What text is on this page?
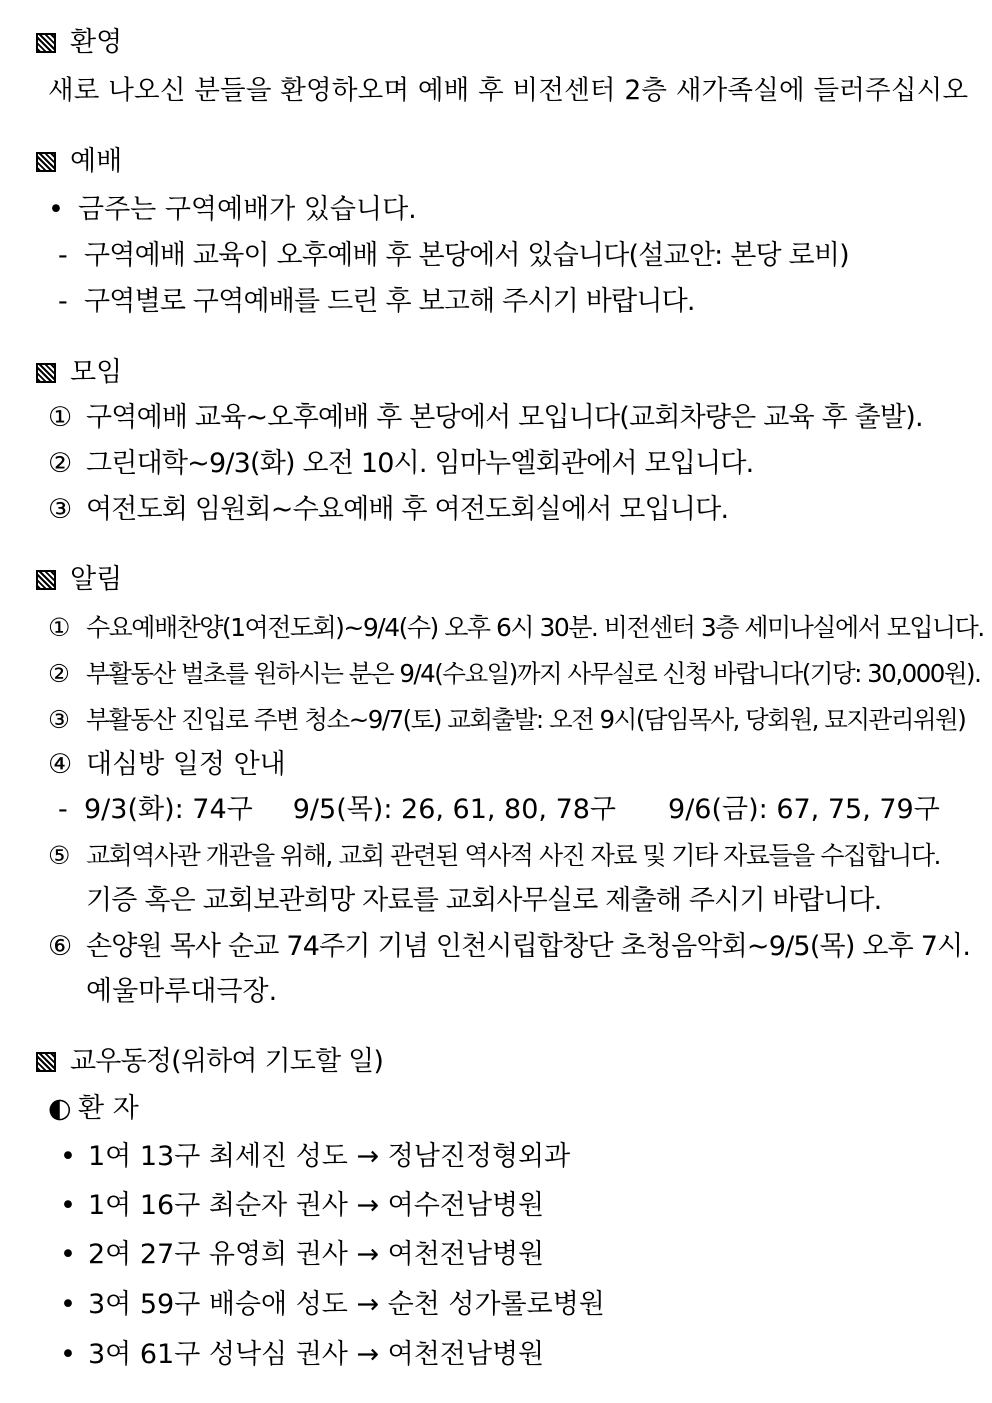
환영
새로 나오신 분들을 환영하오며 예배 후 비전센터 2층 새가족실에 들러주십시오
예배
• 금주는 구역예배가 있습니다.
- 구역예배 교육이 오후예배 후 본당에서 있습니다(설교안: 본당 로비)
- 구역별로 구역예배를 드린 후 보고해 주시기 바랍니다.
모임
① 구역예배 교육~오후예배 후 본당에서 모입니다(교회차량은 교육 후 출발).
② 그린대학~9/3(화) 오전 10시. 임마누엘회관에서 모입니다.
③ 여전도회 임원회~수요예배 후 여전도회실에서 모입니다.
알림
① 수요예배찬양(1여전도회)~9/4(수) 오후 6시 30분. 비전센터 3층 세미나실에서 모입니다.
② 부활동산 벌초를 원하시는 분은 9/4(수요일)까지 사무실로 신청 바랍니다(기당: 30,000원).
③ 부활동산 진입로 주변 청소~9/7(토) 교회출발: 오전 9시(담임목사, 당회원, 묘지관리위원)
④ 대심방 일정 안내
- 9/3(화): 74구 9/5(목): 26, 61, 80, 78구 9/6(금): 67, 75, 79구
⑤ 교회역사관 개관을 위해, 교회 관련된 역사적 사진 자료 및 기타 자료들을 수집합니다.
기증 혹은 교회보관희망 자료를 교회사무실로 제출해 주시기 바랍니다.
⑥ 손양원 목사 순교 74주기 기념 인천시립합창단 초청음악회~9/5(목) 오후 7시.
예울마루대극장.
교우동정(위하여 기도할 일)
◐ 환 자
• 1여 13구 최세진 성도 → 정남진정형외과
• 1여 16구 최순자 권사 → 여수전남병원
• 2여 27구 유영희 권사 → 여천전남병원
• 3여 59구 배승애 성도 → 순천 성가롤로병원
• 3여 61구 성낙심 권사 → 여천전남병원
